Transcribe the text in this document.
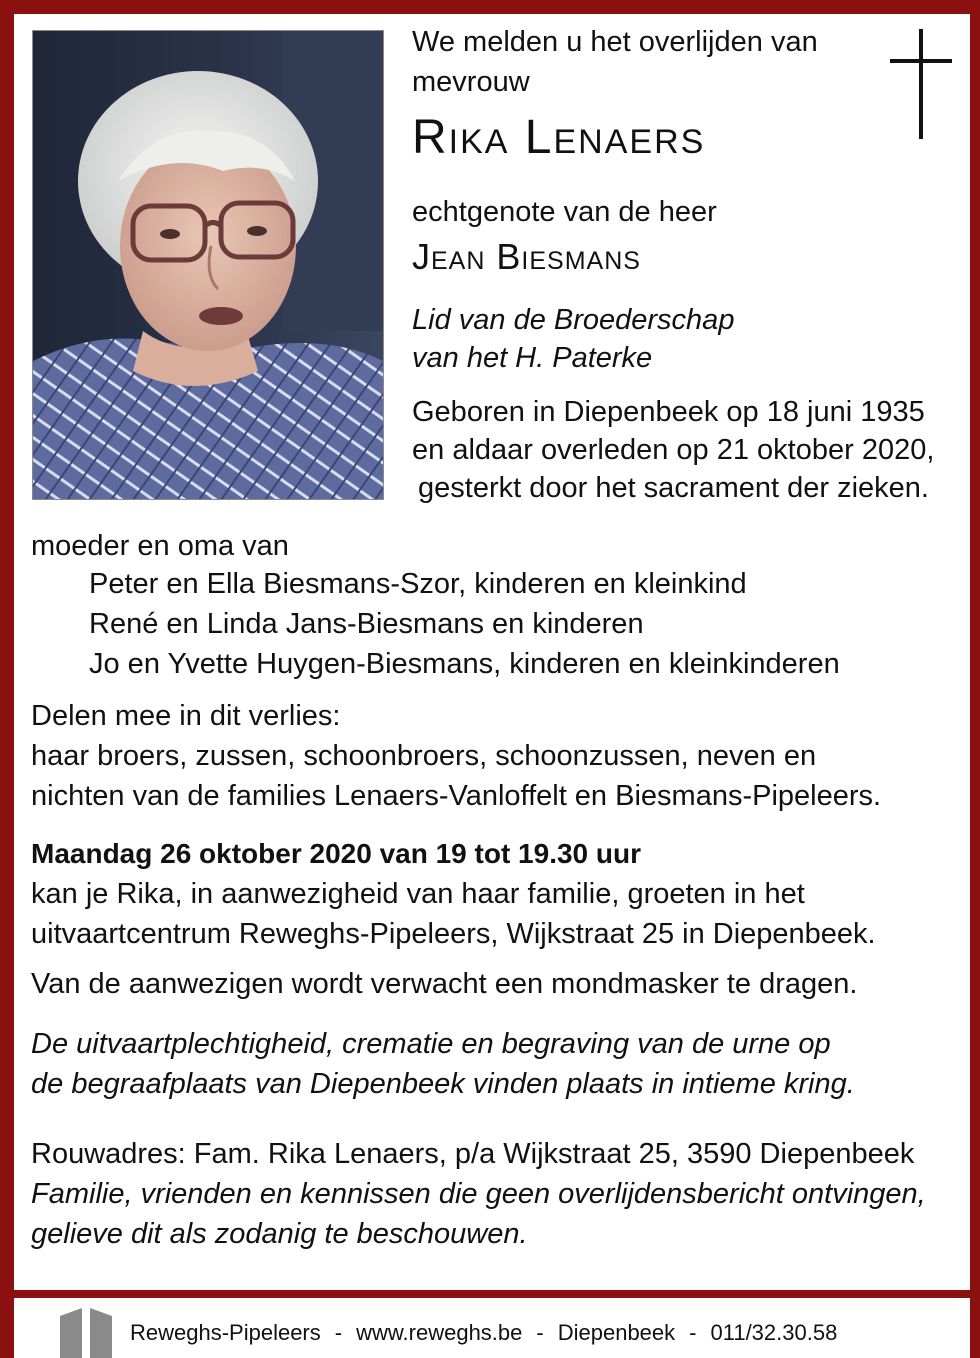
We melden u het overlijden van
mevrouw
Rika Lenaers
echtgenote van de heer
Jean Biesmans
Lid van de Broederschap
van het H. Paterke
Geboren in Diepenbeek op 18 juni 1935
en aldaar overleden op 21 oktober 2020,
gesterkt door het sacrament der zieken.
moeder en oma van
Peter en Ella Biesmans-Szor, kinderen en kleinkind
René en Linda Jans-Biesmans en kinderen
Jo en Yvette Huygen-Biesmans, kinderen en kleinkinderen
Delen mee in dit verlies:
haar broers, zussen, schoonbroers, schoonzussen, neven en
nichten van de families Lenaers-Vanloffelt en Biesmans-Pipeleers.
Maandag 26 oktober 2020 van 19 tot 19.30 uur
kan je Rika, in aanwezigheid van haar familie, groeten in het
uitvaartcentrum Reweghs-Pipeleers, Wijkstraat 25 in Diepenbeek.
Van de aanwezigen wordt verwacht een mondmasker te dragen.
De uitvaartplechtigheid, crematie en begraving van de urne op
de begraafplaats van Diepenbeek vinden plaats in intieme kring.
Rouwadres: Fam. Rika Lenaers, p/a Wijkstraat 25, 3590 Diepenbeek
Familie, vrienden en kennissen die geen overlijdensbericht ontvingen,
gelieve dit als zodanig te beschouwen.
Reweghs-Pipeleers - www.reweghs.be - Diepenbeek - 011/32.30.58
